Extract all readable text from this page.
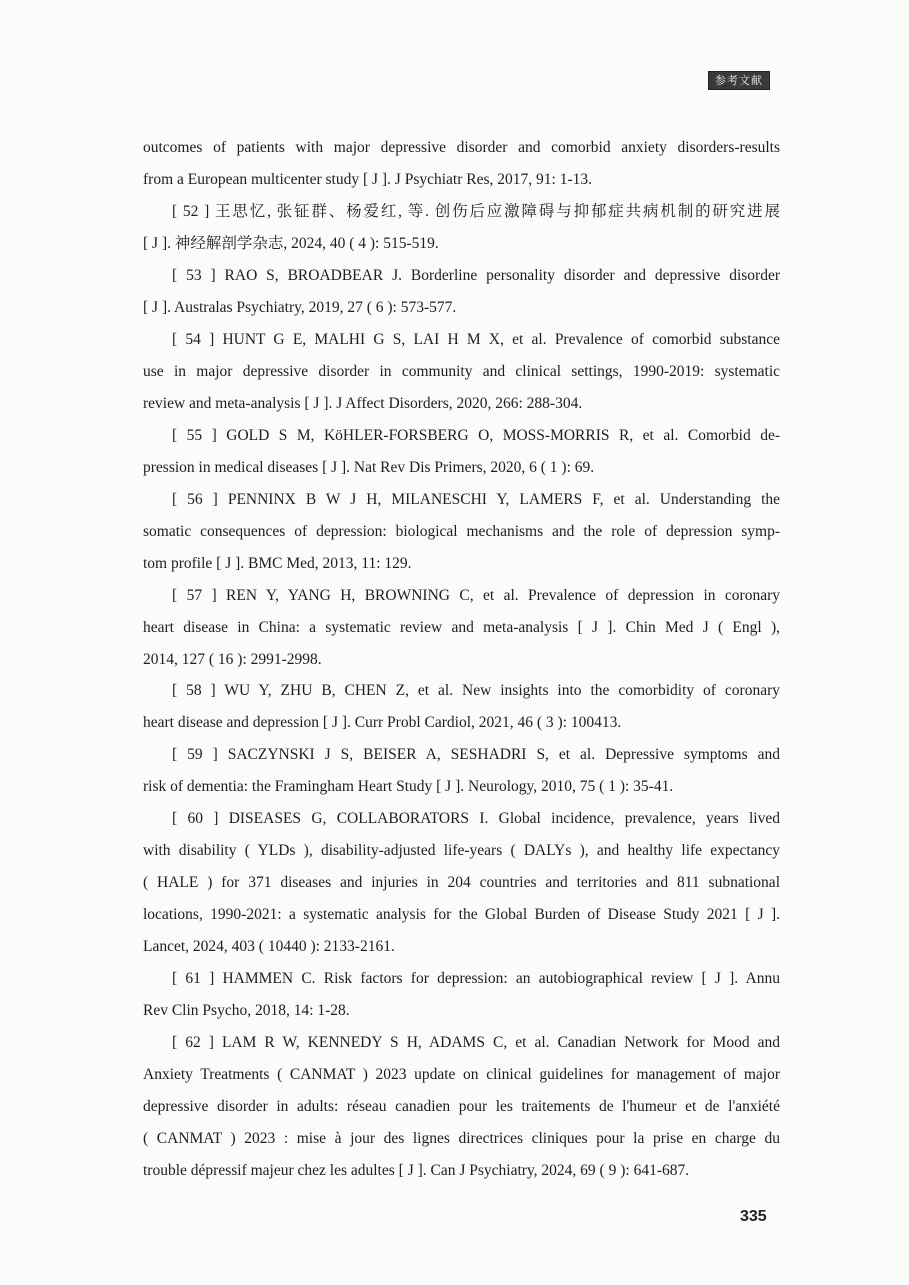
参考文献
outcomes of patients with major depressive disorder and comorbid anxiety disorders-results
from a European multicenter study [ J ]. J Psychiatr Res, 2017, 91: 1-13.
[ 52 ] 王思忆, 张钲群、杨爱红, 等. 创伤后应激障碍与抑郁症共病机制的研究进展
[ J ]. 神经解剖学杂志, 2024, 40 ( 4 ): 515-519.
[ 53 ] RAO S, BROADBEAR J. Borderline personality disorder and depressive disorder
[ J ]. Australas Psychiatry, 2019, 27 ( 6 ): 573-577.
[ 54 ] HUNT G E, MALHI G S, LAI H M X, et al. Prevalence of comorbid substance
use in major depressive disorder in community and clinical settings, 1990-2019: systematic
review and meta-analysis [ J ]. J Affect Disorders, 2020, 266: 288-304.
[ 55 ] GOLD S M, KöHLER-FORSBERG O, MOSS-MORRIS R, et al. Comorbid de-
pression in medical diseases [ J ]. Nat Rev Dis Primers, 2020, 6 ( 1 ): 69.
[ 56 ] PENNINX B W J H, MILANESCHI Y, LAMERS F, et al. Understanding the
somatic consequences of depression: biological mechanisms and the role of depression symp-
tom profile [ J ]. BMC Med, 2013, 11: 129.
[ 57 ] REN Y, YANG H, BROWNING C, et al. Prevalence of depression in coronary
heart disease in China: a systematic review and meta-analysis [ J ]. Chin Med J ( Engl ),
2014, 127 ( 16 ): 2991-2998.
[ 58 ] WU Y, ZHU B, CHEN Z, et al. New insights into the comorbidity of coronary
heart disease and depression [ J ]. Curr Probl Cardiol, 2021, 46 ( 3 ): 100413.
[ 59 ] SACZYNSKI J S, BEISER A, SESHADRI S, et al. Depressive symptoms and
risk of dementia: the Framingham Heart Study [ J ]. Neurology, 2010, 75 ( 1 ): 35-41.
[ 60 ] DISEASES G, COLLABORATORS I. Global incidence, prevalence, years lived
with disability ( YLDs ), disability-adjusted life-years ( DALYs ), and healthy life expectancy
( HALE ) for 371 diseases and injuries in 204 countries and territories and 811 subnational
locations, 1990-2021: a systematic analysis for the Global Burden of Disease Study 2021 [ J ].
Lancet, 2024, 403 ( 10440 ): 2133-2161.
[ 61 ] HAMMEN C. Risk factors for depression: an autobiographical review [ J ]. Annu
Rev Clin Psycho, 2018, 14: 1-28.
[ 62 ] LAM R W, KENNEDY S H, ADAMS C, et al. Canadian Network for Mood and
Anxiety Treatments ( CANMAT ) 2023 update on clinical guidelines for management of major
depressive disorder in adults: réseau canadien pour les traitements de l'humeur et de l'anxiété
( CANMAT ) 2023 : mise à jour des lignes directrices cliniques pour la prise en charge du
trouble dépressif majeur chez les adultes [ J ]. Can J Psychiatry, 2024, 69 ( 9 ): 641-687.
335
